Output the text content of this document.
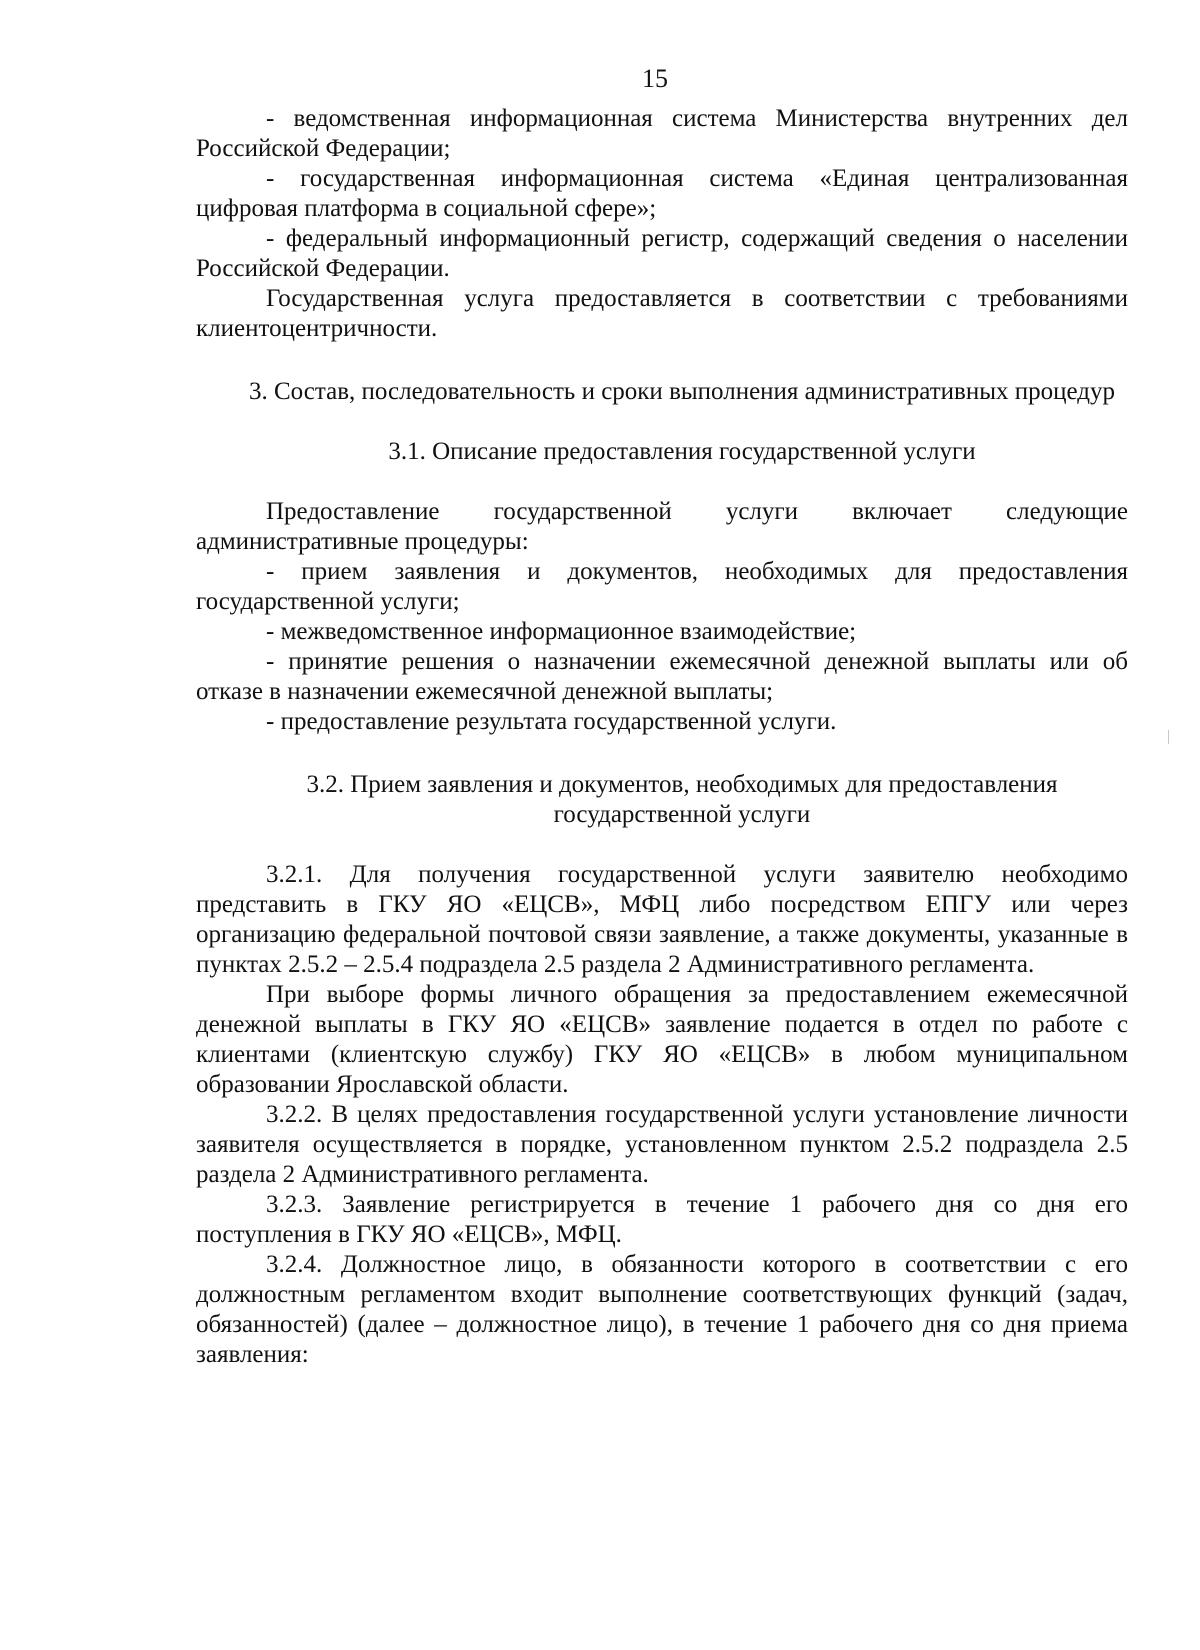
15

- ведомственная информационная система Министерства внутренних дел Российской Федерации;

- государственная информационная система «Единая централизованная цифровая платформа в социальной сфере»;

- федеральный информационный регистр, содержащий сведения о населении Российской Федерации.

Государственная услуга предоставляется в соответствии с требованиями клиентоцентричности.

3. Состав, последовательность и сроки выполнения административных процедур

3.1. Описание предоставления государственной услуги

Предоставление государственной услуги включает следующие административные процедуры:

- прием заявления и документов, необходимых для предоставления государственной услуги;

- межведомственное информационное взаимодействие;

- принятие решения о назначении ежемесячной денежной выплаты или об отказе в назначении ежемесячной денежной выплаты;

- предоставление результата государственной услуги.

3.2. Прием заявления и документов, необходимых для предоставления государственной услуги

3.2.1. Для получения государственной услуги заявителю необходимо представить в ГКУ ЯО «ЕЦСВ», МФЦ либо посредством ЕПГУ или через организацию федеральной почтовой связи заявление, а также документы, указанные в пунктах 2.5.2 – 2.5.4 подраздела 2.5 раздела 2 Административного регламента.

При выборе формы личного обращения за предоставлением ежемесячной денежной выплаты в ГКУ ЯО «ЕЦСВ» заявление подается в отдел по работе с клиентами (клиентскую службу) ГКУ ЯО «ЕЦСВ» в любом муниципальном образовании Ярославской области.

3.2.2. В целях предоставления государственной услуги установление личности заявителя осуществляется в порядке, установленном пунктом 2.5.2 подраздела 2.5 раздела 2 Административного регламента.

3.2.3. Заявление регистрируется в течение 1 рабочего дня со дня его поступления в ГКУ ЯО «ЕЦСВ», МФЦ.

3.2.4. Должностное лицо, в обязанности которого в соответствии с его должностным регламентом входит выполнение соответствующих функций (задач, обязанностей) (далее – должностное лицо), в течение 1 рабочего дня со дня приема заявления:
